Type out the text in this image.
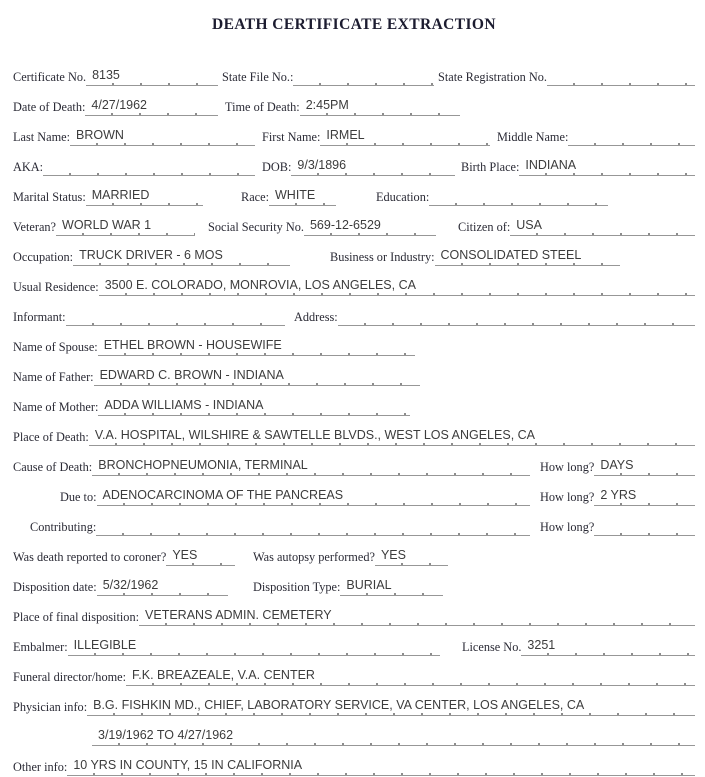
DEATH CERTIFICATE EXTRACTION
Certificate No. 8135	State File No.:	State Registration No.
Date of Death: 4/27/1962	Time of Death: 2:45PM
Last Name: BROWN	First Name: IRMEL	Middle Name:
AKA:	DOB: 9/3/1896	Birth Place: INDIANA
Marital Status: MARRIED	Race: WHITE	Education:
Veteran? WORLD WAR 1	Social Security No. 569-12-6529	Citizen of: USA
Occupation: TRUCK DRIVER - 6 MOS	Business or Industry: CONSOLIDATED STEEL
Usual Residence: 3500 E. COLORADO, MONROVIA, LOS ANGELES, CA
Informant:	Address:
Name of Spouse: ETHEL BROWN - HOUSEWIFE
Name of Father: EDWARD C. BROWN - INDIANA
Name of Mother: ADDA WILLIAMS - INDIANA
Place of Death: V.A. HOSPITAL, WILSHIRE & SAWTELLE BLVDS., WEST LOS ANGELES, CA
Cause of Death: BRONCHOPNEUMONIA, TERMINAL	How long? DAYS
Due to: ADENOCARCINOMA OF THE PANCREAS	How long? 2 YRS
Contributing:	How long?
Was death reported to coroner? YES	Was autopsy performed? YES
Disposition date: 5/32/1962	Disposition Type: BURIAL
Place of final disposition: VETERANS ADMIN. CEMETERY
Embalmer: ILLEGIBLE	License No. 3251
Funeral director/home: F.K. BREAZEALE, V.A. CENTER
Physician info: B.G. FISHKIN MD., CHIEF, LABORATORY SERVICE, VA CENTER, LOS ANGELES, CA
3/19/1962 TO 4/27/1962
Other info: 10 YRS IN COUNTY, 15 IN CALIFORNIA
